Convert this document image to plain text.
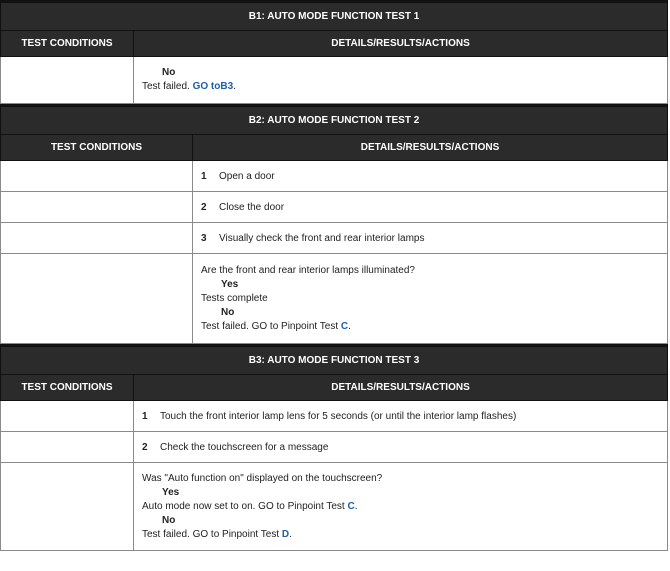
B1: AUTO MODE FUNCTION TEST 1	
TEST CONDITIONS	DETAILS/RESULTS/ACTIONS

	No
Test failed. GO toB3.
B2: AUTO MODE FUNCTION TEST 2	
TEST CONDITIONS	DETAILS/RESULTS/ACTIONS
	1 Open a door
	2 Close the door
	3 Visually check the front and rear interior lamps

	Are the front and rear interior lamps illuminated?
Yes
Tests complete
No
Test failed. GO to Pinpoint Test C.
B3: AUTO MODE FUNCTION TEST 3	
TEST CONDITIONS	DETAILS/RESULTS/ACTIONS
	1 Touch the front interior lamp lens for 5 seconds (or until the interior lamp flashes)
	2 Check the touchscreen for a message

	Was "Auto function on" displayed on the touchscreen?
Yes
Auto mode now set to on. GO to Pinpoint Test C.
No
Test failed. GO to Pinpoint Test D.
